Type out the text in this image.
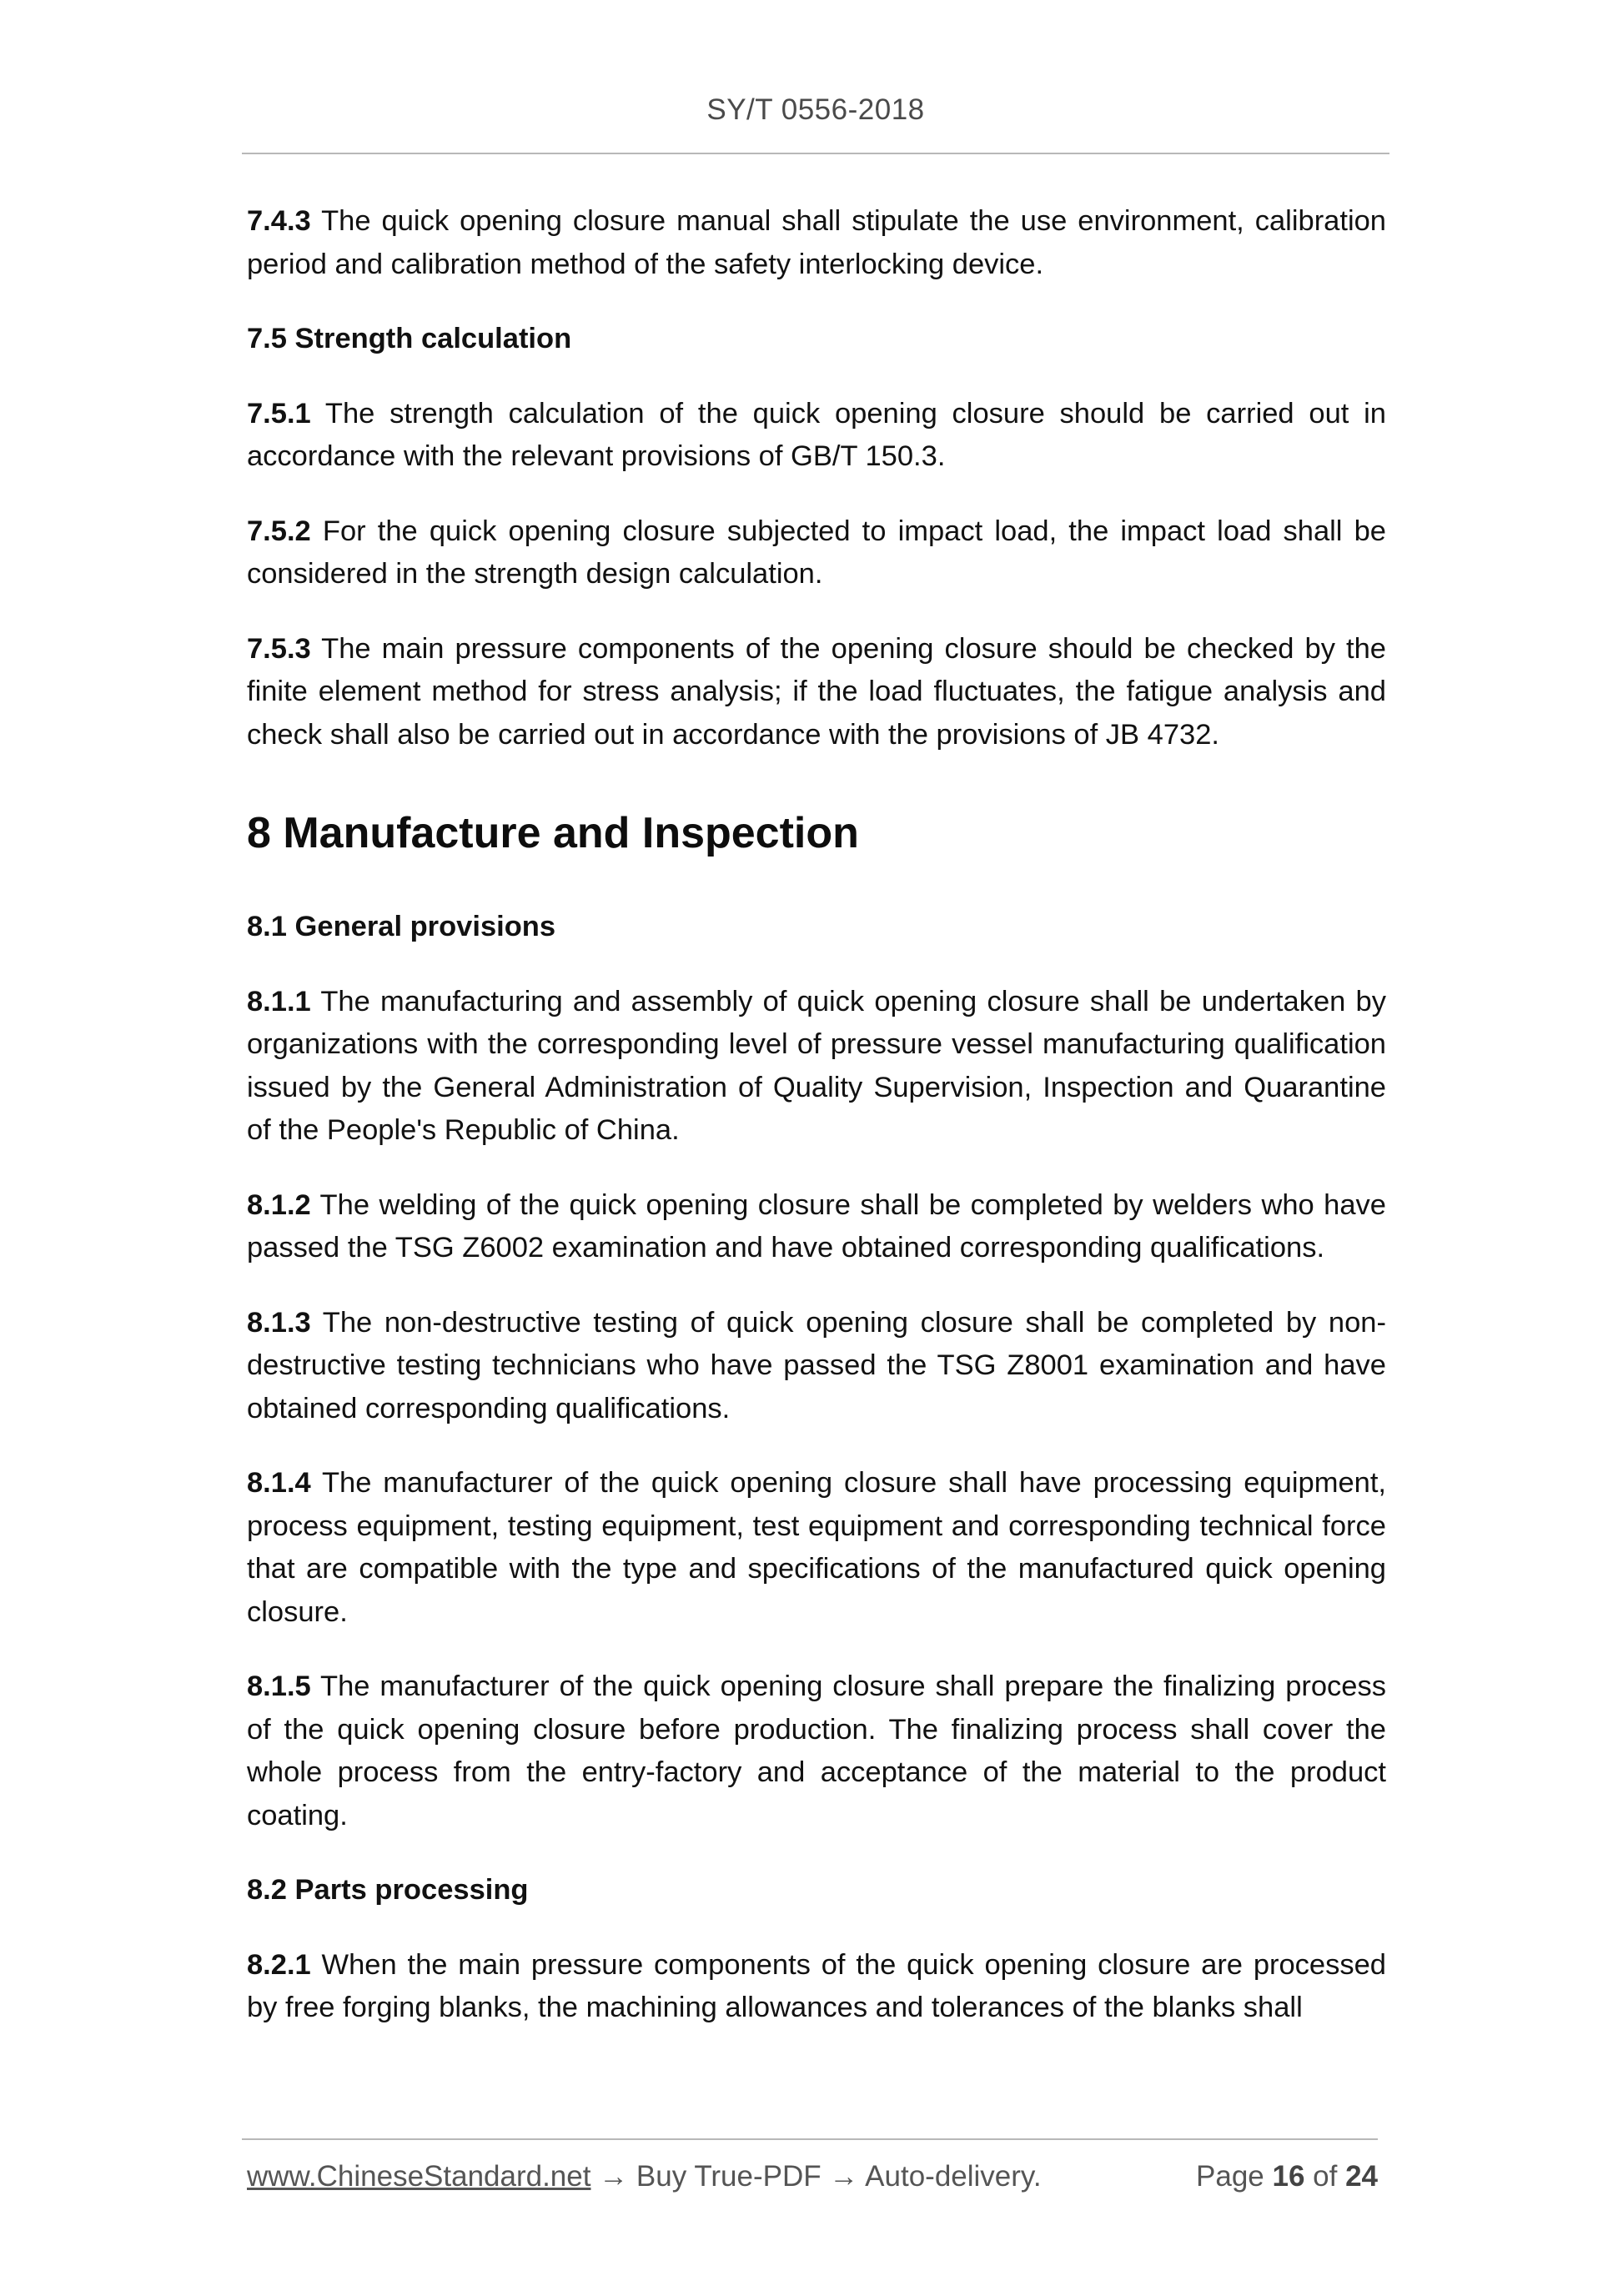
SY/T 0556-2018

7.4.3 The quick opening closure manual shall stipulate the use environment, calibration period and calibration method of the safety interlocking device.

7.5 Strength calculation

7.5.1 The strength calculation of the quick opening closure should be carried out in accordance with the relevant provisions of GB/T 150.3.

7.5.2 For the quick opening closure subjected to impact load, the impact load shall be considered in the strength design calculation.

7.5.3 The main pressure components of the opening closure should be checked by the finite element method for stress analysis; if the load fluctuates, the fatigue analysis and check shall also be carried out in accordance with the provisions of JB 4732.

8 Manufacture and Inspection
8.1 General provisions

8.1.1 The manufacturing and assembly of quick opening closure shall be undertaken by organizations with the corresponding level of pressure vessel manufacturing qualification issued by the General Administration of Quality Supervision, Inspection and Quarantine of the People's Republic of China.

8.1.2 The welding of the quick opening closure shall be completed by welders who have passed the TSG Z6002 examination and have obtained corresponding qualifications.

8.1.3 The non-destructive testing of quick opening closure shall be completed by non-destructive testing technicians who have passed the TSG Z8001 examination and have obtained corresponding qualifications.

8.1.4 The manufacturer of the quick opening closure shall have processing equipment, process equipment, testing equipment, test equipment and corresponding technical force that are compatible with the type and specifications of the manufactured quick opening closure.

8.1.5 The manufacturer of the quick opening closure shall prepare the finalizing process of the quick opening closure before production. The finalizing process shall cover the whole process from the entry-factory and acceptance of the material to the product coating.

8.2 Parts processing

8.2.1 When the main pressure components of the quick opening closure are processed by free forging blanks, the machining allowances and tolerances of the blanks shall

www.ChineseStandard.net → Buy True-PDF → Auto-delivery.	Page 16 of 24
